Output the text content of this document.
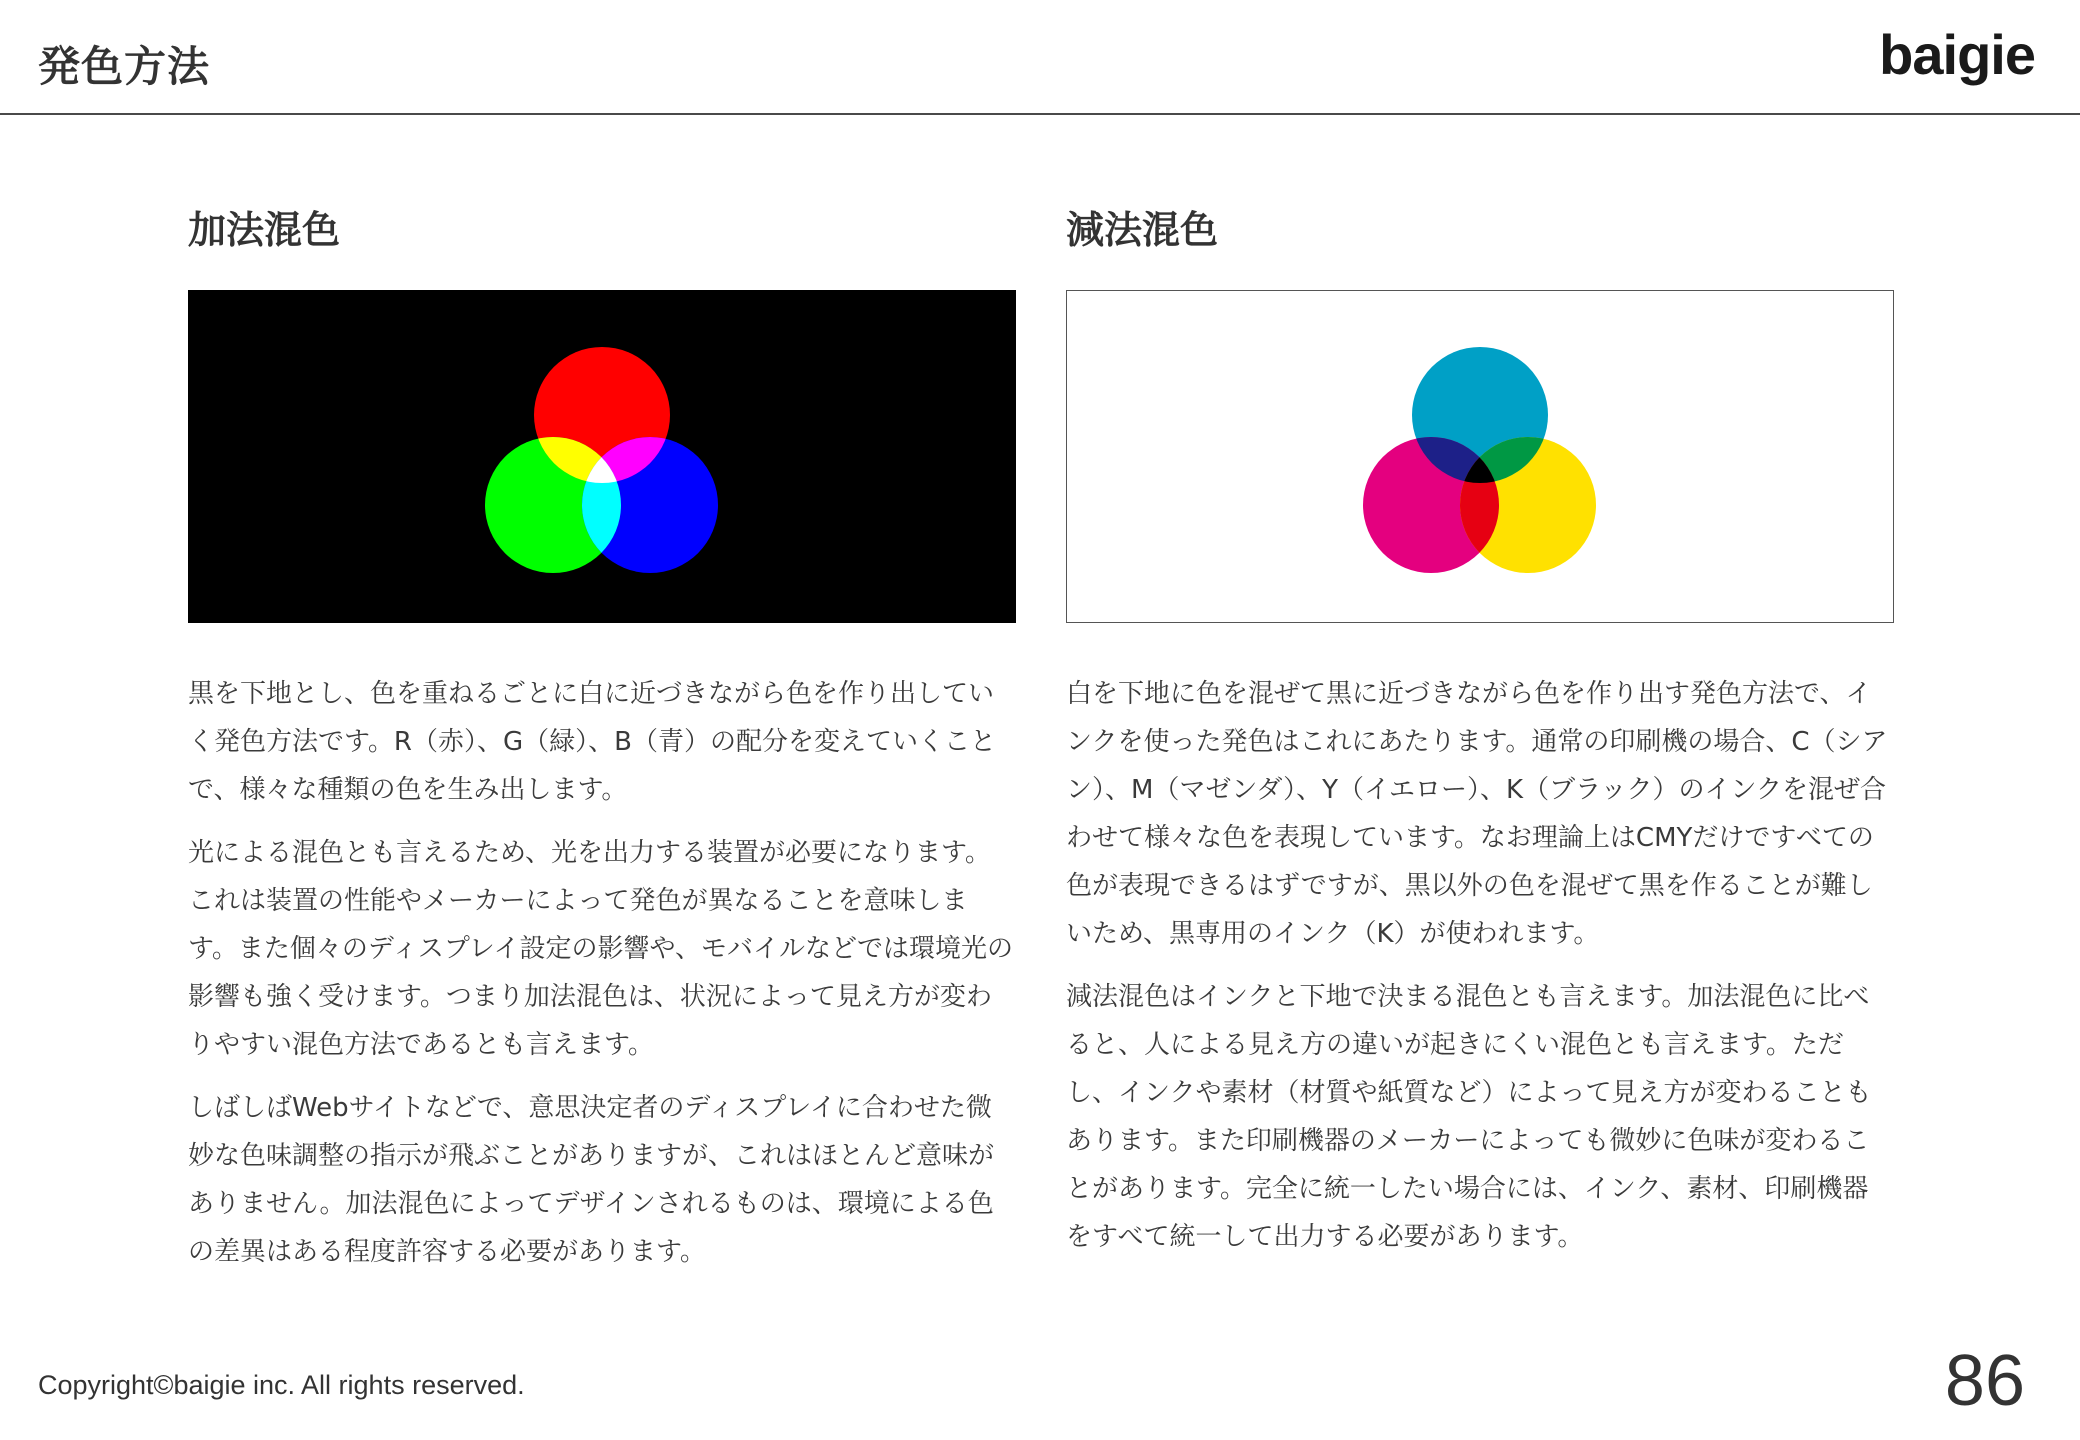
発色方法	baigie
加法混色

黒を下地とし、色を重ねるごとに白に近づきながら色を作り出していく発色方法です。R（赤）、G（緑）、B（青）の配分を変えていくことで、様々な種類の色を生み出します。

光による混色とも言えるため、光を出力する装置が必要になります。これは装置の性能やメーカーによって発色が異なることを意味します。また個々のディスプレイ設定の影響や、モバイルなどでは環境光の影響も強く受けます。つまり加法混色は、状況によって見え方が変わりやすい混色方法であるとも言えます。

しばしばWebサイトなどで、意思決定者のディスプレイに合わせた微妙な色味調整の指示が飛ぶことがありますが、これはほとんど意味がありません。加法混色によってデザインされるものは、環境による色の差異はある程度許容する必要があります。

減法混色

白を下地に色を混ぜて黒に近づきながら色を作り出す発色方法で、インクを使った発色はこれにあたります。通常の印刷機の場合、C（シアン）、M（マゼンダ）、Y（イエロー）、K（ブラック）のインクを混ぜ合わせて様々な色を表現しています。なお理論上はCMYだけですべての色が表現できるはずですが、黒以外の色を混ぜて黒を作ることが難しいため、黒専用のインク（K）が使われます。

減法混色はインクと下地で決まる混色とも言えます。加法混色に比べると、人による見え方の違いが起きにくい混色とも言えます。ただし、インクや素材（材質や紙質など）によって見え方が変わることもあります。また印刷機器のメーカーによっても微妙に色味が変わることがあります。完全に統一したい場合には、インク、素材、印刷機器をすべて統一して出力する必要があります。

Copyright©baigie inc. All rights reserved.	86
